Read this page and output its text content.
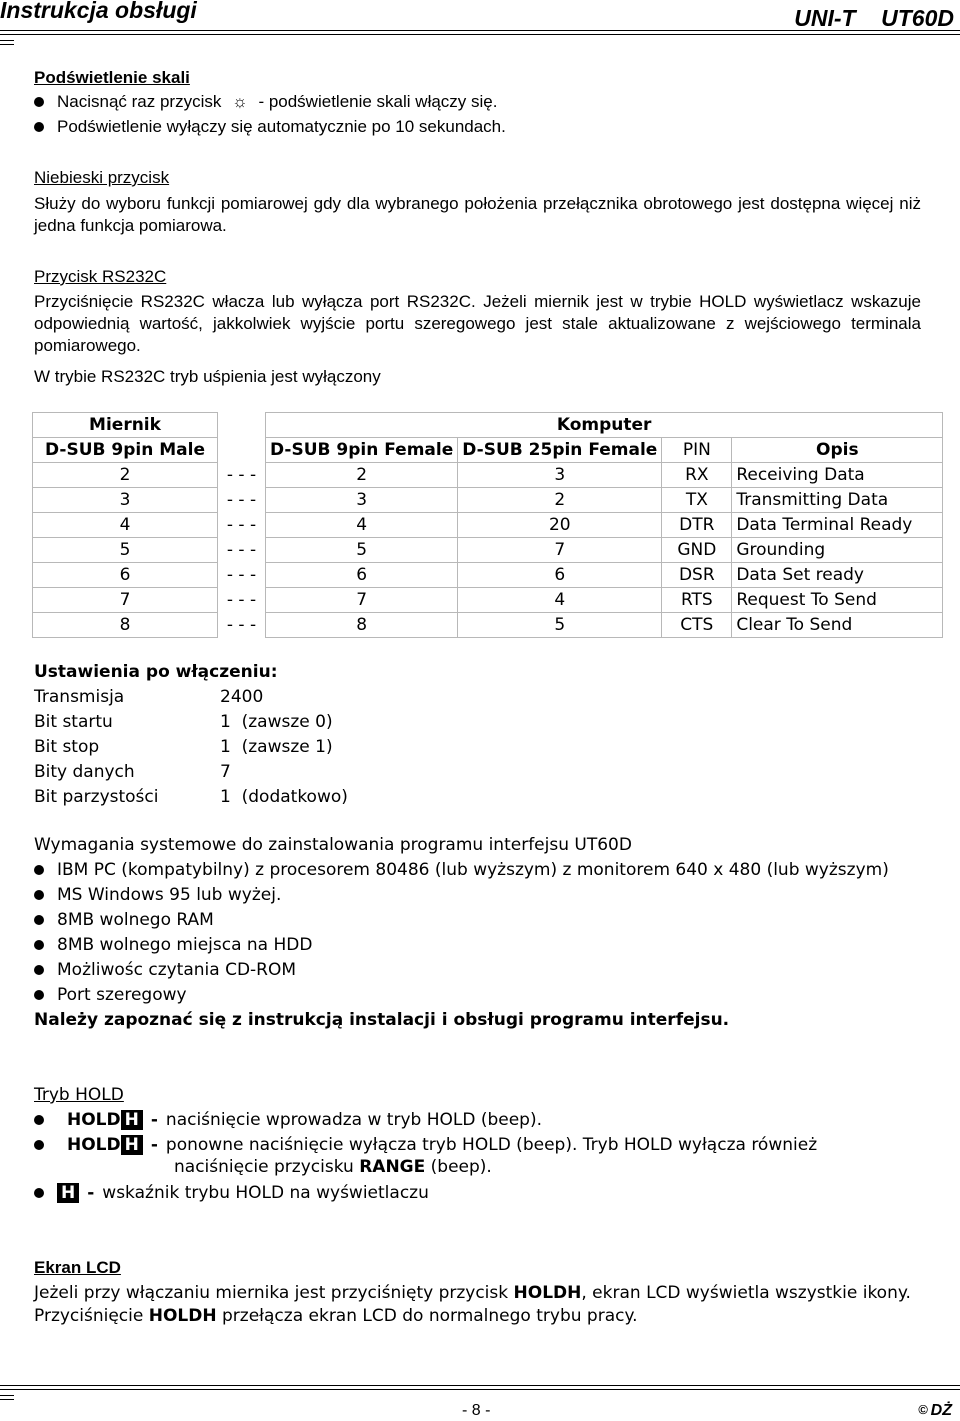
Instrukcja obsługi	UNI-T UT60D
Podświetlenie skali
Nacisnąć raz przycisk ☼ - podświetlenie skali włączy się.
Podświetlenie wyłączy się automatycznie po 10 sekundach.
Niebieski przycisk
Służy do wyboru funkcji pomiarowej gdy dla wybranego położenia przełącznika obrotowego jest dostępna więcej niż jedna funkcja pomiarowa.
Przycisk RS232C
Przyciśnięcie RS232C włacza lub wyłącza port RS232C. Jeżeli miernik jest w trybie HOLD wyświetlacz wskazuje odpowiednią wartość, jakkolwiek wyjście portu szeregowego jest stale aktualizowane z wejściowego terminala pomiarowego.
W trybie RS232C tryb uśpienia jest wyłączony
Miernik		Komputer			
D-SUB 9pin Male		D-SUB 9pin Female	D-SUB 25pin Female	PIN	Opis
2	- - -	2	3	RX	Receiving Data
3	- - -	3	2	TX	Transmitting Data
4	- - -	4	20	DTR	Data Terminal Ready
5	- - -	5	7	GND	Grounding
6	- - -	6	6	DSR	Data Set ready
7	- - -	7	4	RTS	Request To Send
8	- - -	8	5	CTS	Clear To Send
Ustawienia po włączeniu:
Transmisja	2400
Bit startu	1  (zawsze 0)
Bit stop	1  (zawsze 1)
Bity danych	7
Bit parzystości	1  (dodatkowo)
Wymagania systemowe do zainstalowania programu interfejsu UT60D
IBM PC (kompatybilny) z procesorem 80486 (lub wyższym) z monitorem 640 x 480 (lub wyższym)
MS Windows 95 lub wyżej.
8MB wolnego RAM
8MB wolnego miejsca na HDD
Możliwośc czytania CD-ROM
Port szeregowy
Należy zapoznać się z instrukcją instalacji i obsługi programu interfejsu.
Tryb HOLD
HOLD H - naciśnięcie wprowadza w tryb HOLD (beep).
HOLD H - ponowne naciśnięcie wyłącza tryb HOLD (beep). Tryb HOLD wyłącza również
naciśnięcie przycisku RANGE (beep).
H - wskaźnik trybu HOLD na wyświetlaczu
Ekran LCD
Jeżeli przy włączaniu miernika jest przyciśnięty przycisk HOLDH, ekran LCD wyświetla wszystkie ikony.
Przyciśnięcie HOLDH przełącza ekran LCD do normalnego trybu pracy.
- 8 -	© DŻ
